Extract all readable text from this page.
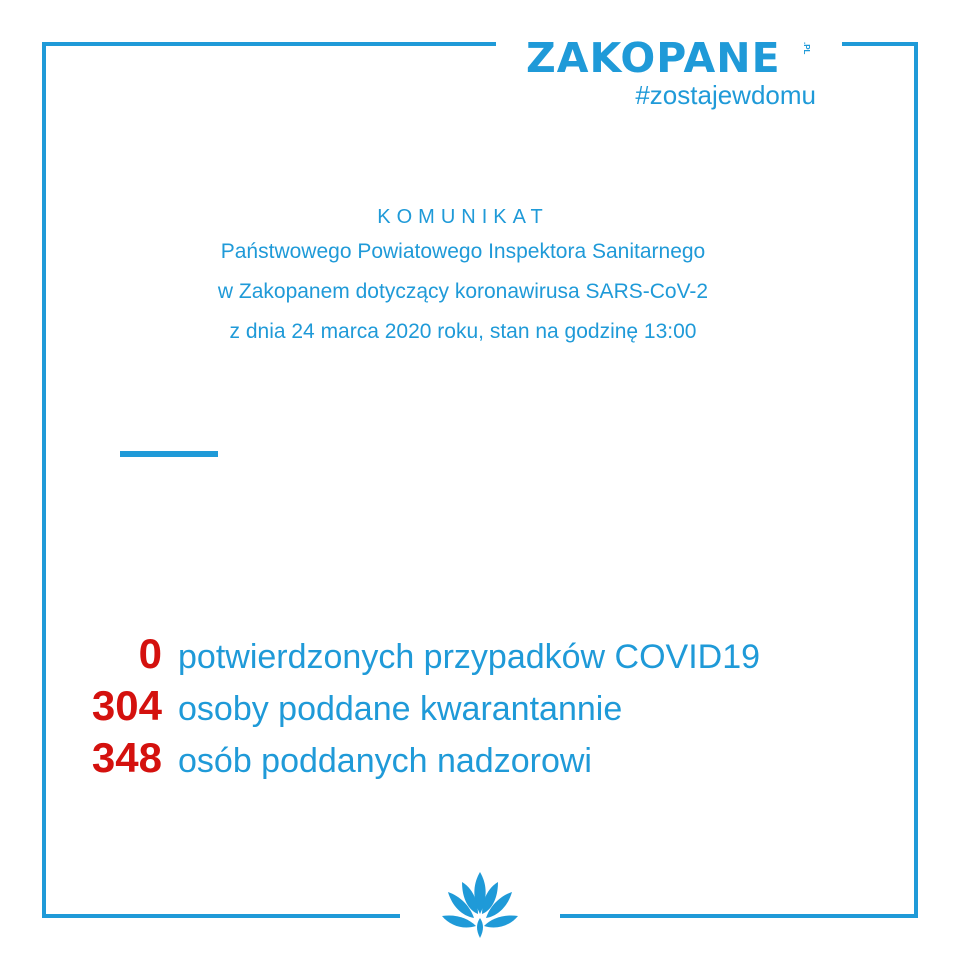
ZAKOPANE	.PL
#zostajewdomu
KOMUNIKAT
Państwowego Powiatowego Inspektora Sanitarnego
w Zakopanem dotyczący koronawirusa SARS-CoV-2
z dnia 24 marca 2020 roku, stan na godzinę 13:00
0 potwierdzonych przypadków COVID19
304 osoby poddane kwarantannie
348 osób poddanych nadzorowi
